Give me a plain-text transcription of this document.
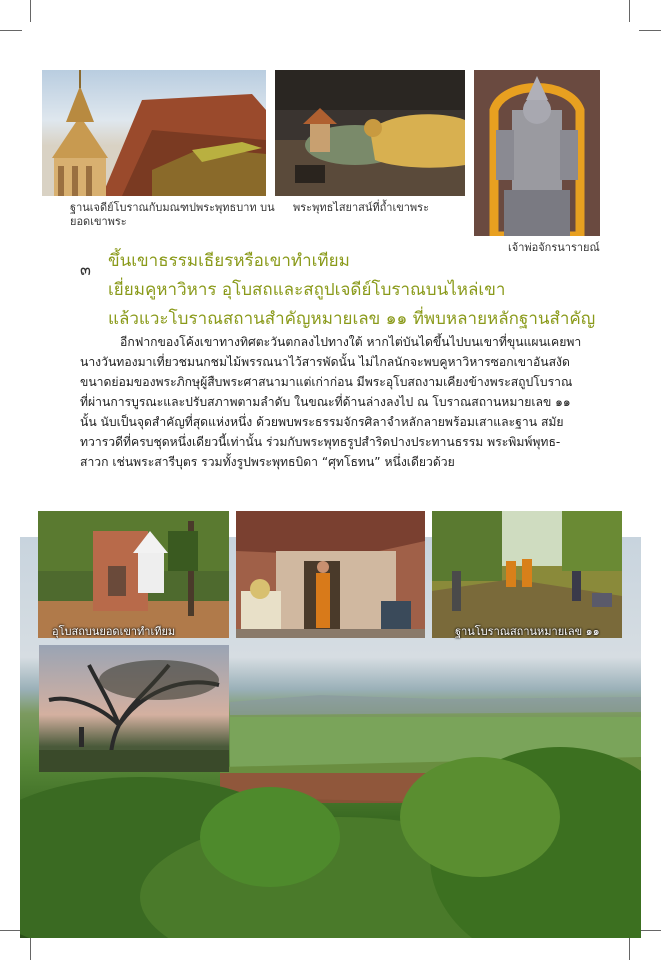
ฐานเจดีย์โบราณกับมณฑปพระพุทธบาท บนยอดเขาพระ
พระพุทธไสยาสน์ที่ถ้ำเขาพระ
เจ้าพ่อจักรนารายณ์
๓ ขึ้นเขาธรรมเธียรหรือเขาทำเทียม
เยี่ยมคูหาวิหาร อุโบสถและสถูปเจดีย์โบราณบนไหล่เขา
แล้วแวะโบราณสถานสำคัญหมายเลข ๑๑ ที่พบหลายหลักฐานสำคัญ
อีกฟากของโค้งเขาทางทิศตะวันตกลงไปทางใต้ หากไต่บันไดขึ้นไปบนเขาที่ขุนแผนเคยพา
นางวันทองมาเที่ยวชมนกชมไม้พรรณนาไว้สารพัดนั้น ไม่ไกลนักจะพบคูหาวิหารซอกเขาอันสงัด
ขนาดย่อมของพระภิกษุผู้สืบพระศาสนามาแต่เก่าก่อน มีพระอุโบสถงามเคียงข้างพระสถูปโบราณ
ที่ผ่านการบูรณะและปรับสภาพตามลำดับ ในขณะที่ด้านล่างลงไป ณ โบราณสถานหมายเลข ๑๑
นั้น นับเป็นจุดสำคัญที่สุดแห่งหนึ่ง ด้วยพบพระธรรมจักรศิลาจำหลักลายพร้อมเสาและฐาน สมัย
ทวารวดีที่ครบชุดหนึ่งเดียวนี้เท่านั้น ร่วมกับพระพุทธรูปสำริดปางประทานธรรม พระพิมพ์พุทธ-
สาวก เช่นพระสารีบุตร รวมทั้งรูปพระพุทธบิดา “ศุทโธทน” หนึ่งเดียวด้วย
อุโบสถบนยอดเขาทำเทียม	ฐานโบราณสถานหมายเลข ๑๑
